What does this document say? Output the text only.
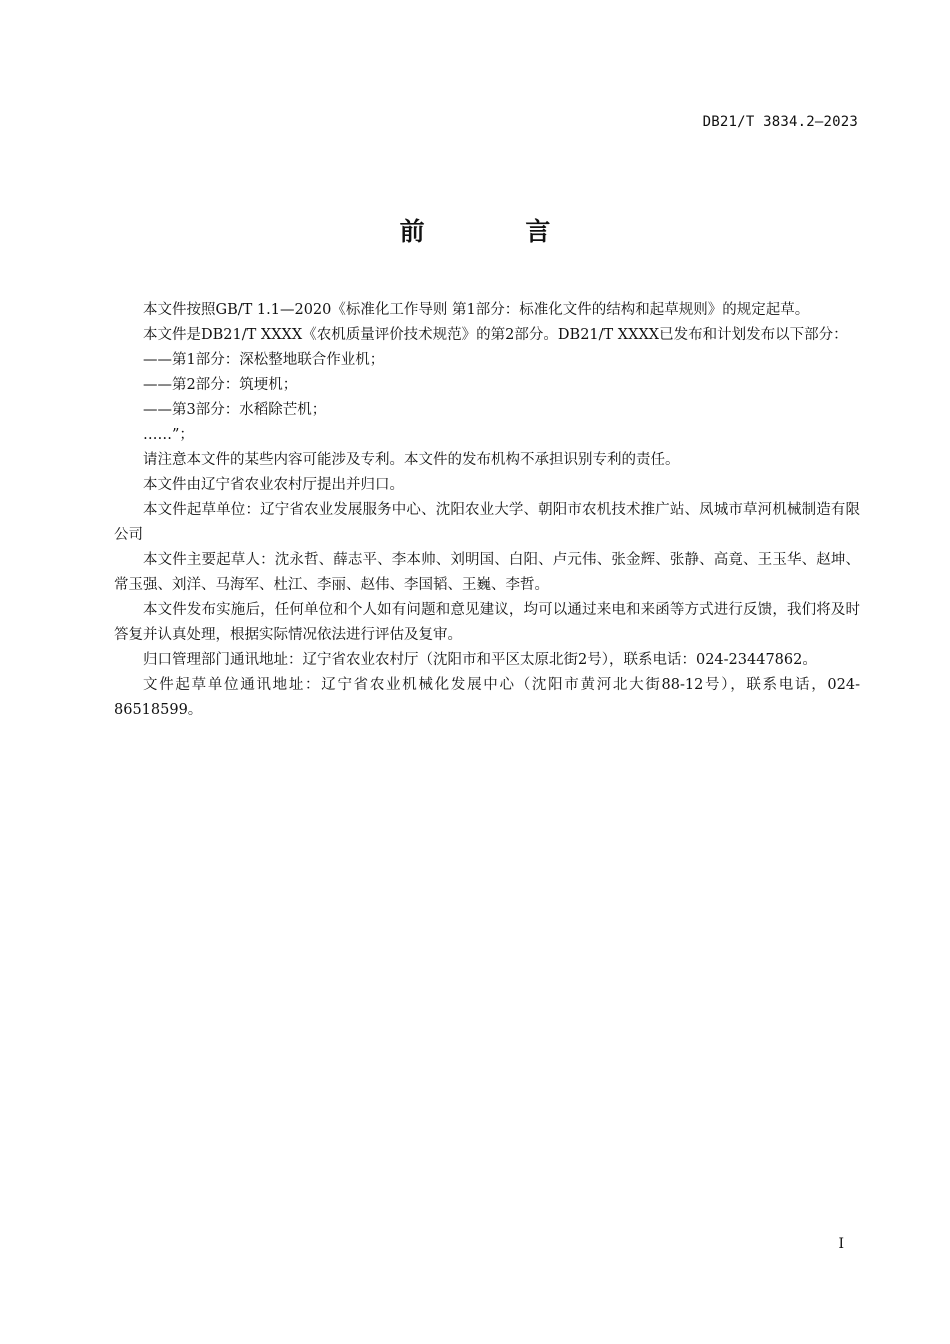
DB21/T 3834.2—2023
前 言

本文件按照GB/T 1.1—2020《标准化工作导则 第1部分：标准化文件的结构和起草规则》的规定起草。

本文件是DB21/T XXXX《农机质量评价技术规范》的第2部分。DB21/T XXXX已发布和计划发布以下部分：

——第1部分：深松整地联合作业机；

——第2部分：筑埂机；

——第3部分：水稻除芒机；

……”；

请注意本文件的某些内容可能涉及专利。本文件的发布机构不承担识别专利的责任。

本文件由辽宁省农业农村厅提出并归口。

本文件起草单位：辽宁省农业发展服务中心、沈阳农业大学、朝阳市农机技术推广站、凤城市草河机械制造有限公司

本文件主要起草人：沈永哲、薛志平、李本帅、刘明国、白阳、卢元伟、张金辉、张静、高竟、王玉华、赵坤、常玉强、刘洋、马海军、杜江、李丽、赵伟、李国韬、王巍、李哲。

本文件发布实施后，任何单位和个人如有问题和意见建议，均可以通过来电和来函等方式进行反馈，我们将及时答复并认真处理，根据实际情况依法进行评估及复审。

归口管理部门通讯地址：辽宁省农业农村厅（沈阳市和平区太原北街2号），联系电话：024-23447862。

文件起草单位通讯地址：辽宁省农业机械化发展中心（沈阳市黄河北大街88-12号），联系电话，024-86518599。

I
